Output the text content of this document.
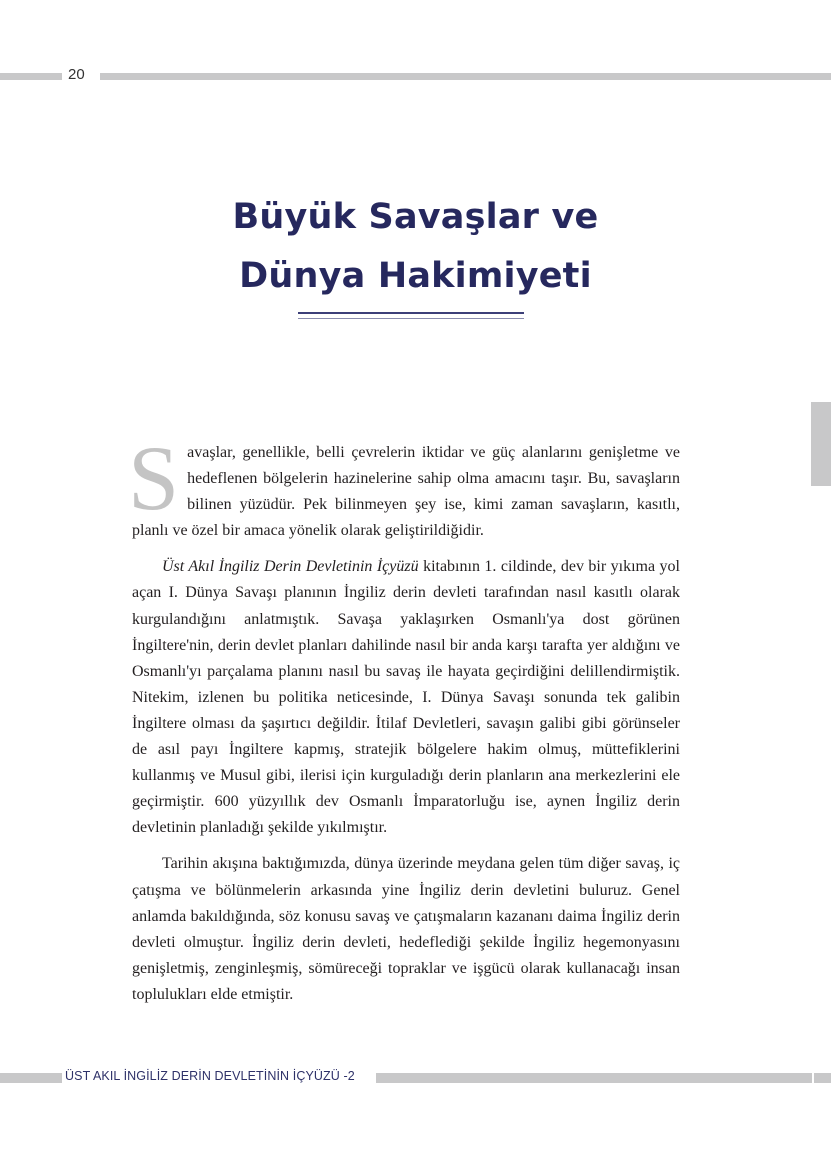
20
Büyük Savaşlar ve
Dünya Hakimiyeti

Savaşlar, genellikle, belli çevrelerin iktidar ve güç alanlarını genişletme ve hedeflenen bölgelerin hazinelerine sahip olma amacını taşır. Bu, savaşların bilinen yüzüdür. Pek bilinmeyen şey ise, kimi zaman savaşların, kasıtlı, planlı ve özel bir amaca yönelik olarak geliştirildiğidir.

Üst Akıl İngiliz Derin Devletinin İçyüzü kitabının 1. cildinde, dev bir yıkıma yol açan I. Dünya Savaşı planının İngiliz derin devleti tarafından nasıl kasıtlı olarak kurgulandığını anlatmıştık. Savaşa yaklaşırken Osmanlı'ya dost görünen İngiltere'nin, derin devlet planları dahilinde nasıl bir anda karşı tarafta yer aldığını ve Osmanlı'yı parçalama planını nasıl bu savaş ile hayata geçirdiğini delillendirmiştik. Nitekim, izlenen bu politika neticesinde, I. Dünya Savaşı sonunda tek galibin İngiltere olması da şaşırtıcı değildir. İtilaf Devletleri, savaşın galibi gibi görünseler de asıl payı İngiltere kapmış, stratejik bölgelere hakim olmuş, müttefiklerini kullanmış ve Musul gibi, ilerisi için kurguladığı derin planların ana merkezlerini ele geçirmiştir. 600 yüzyıllık dev Osmanlı İmparatorluğu ise, aynen İngiliz derin devletinin planladığı şekilde yıkılmıştır.

Tarihin akışına baktığımızda, dünya üzerinde meydana gelen tüm diğer savaş, iç çatışma ve bölünmelerin arkasında yine İngiliz derin devletini buluruz. Genel anlamda bakıldığında, söz konusu savaş ve çatışmaların kazananı daima İngiliz derin devleti olmuştur. İngiliz derin devleti, hedeflediği şekilde İngiliz hegemonyasını genişletmiş, zenginleşmiş, sömüreceği topraklar ve işgücü olarak kullanacağı insan toplulukları elde etmiştir.

ÜST AKIL İNGİLİZ DERİN DEVLETİNİN İÇYÜZÜ -2
